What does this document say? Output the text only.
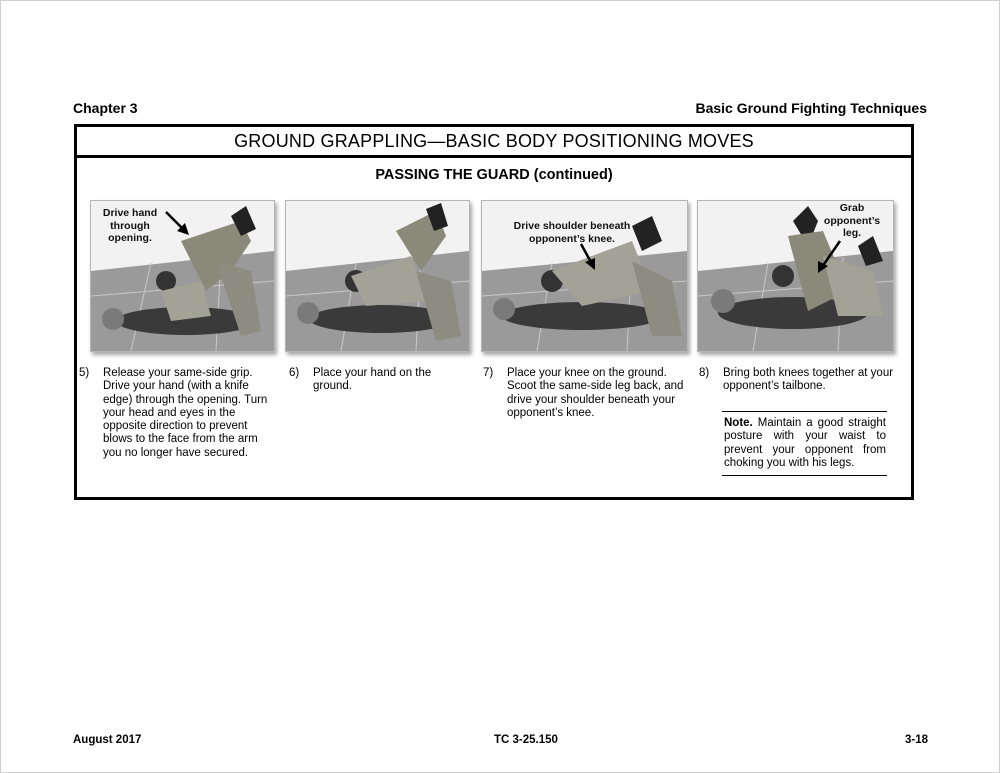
Chapter 3	Basic Ground Fighting Techniques
GROUND GRAPPLING—BASIC BODY POSITIONING MOVES
PASSING THE GUARD (continued)
Drive hand
through
opening.
Drive shoulder beneath
opponent’s knee.
Grab
opponent’s
leg.
5) Release your same-side grip. Drive your hand (with a knife edge) through the opening. Turn your head and eyes in the opposite direction to prevent blows to the face from the arm you no longer have secured.
6) Place your hand on the ground.
7) Place your knee on the ground. Scoot the same-side leg back, and drive your shoulder beneath your opponent’s knee.
8) Bring both knees together at your opponent’s tailbone.
Note. Maintain a good straight posture with your waist to prevent your opponent from choking you with his legs.
August 2017	TC 3-25.150	3-18
